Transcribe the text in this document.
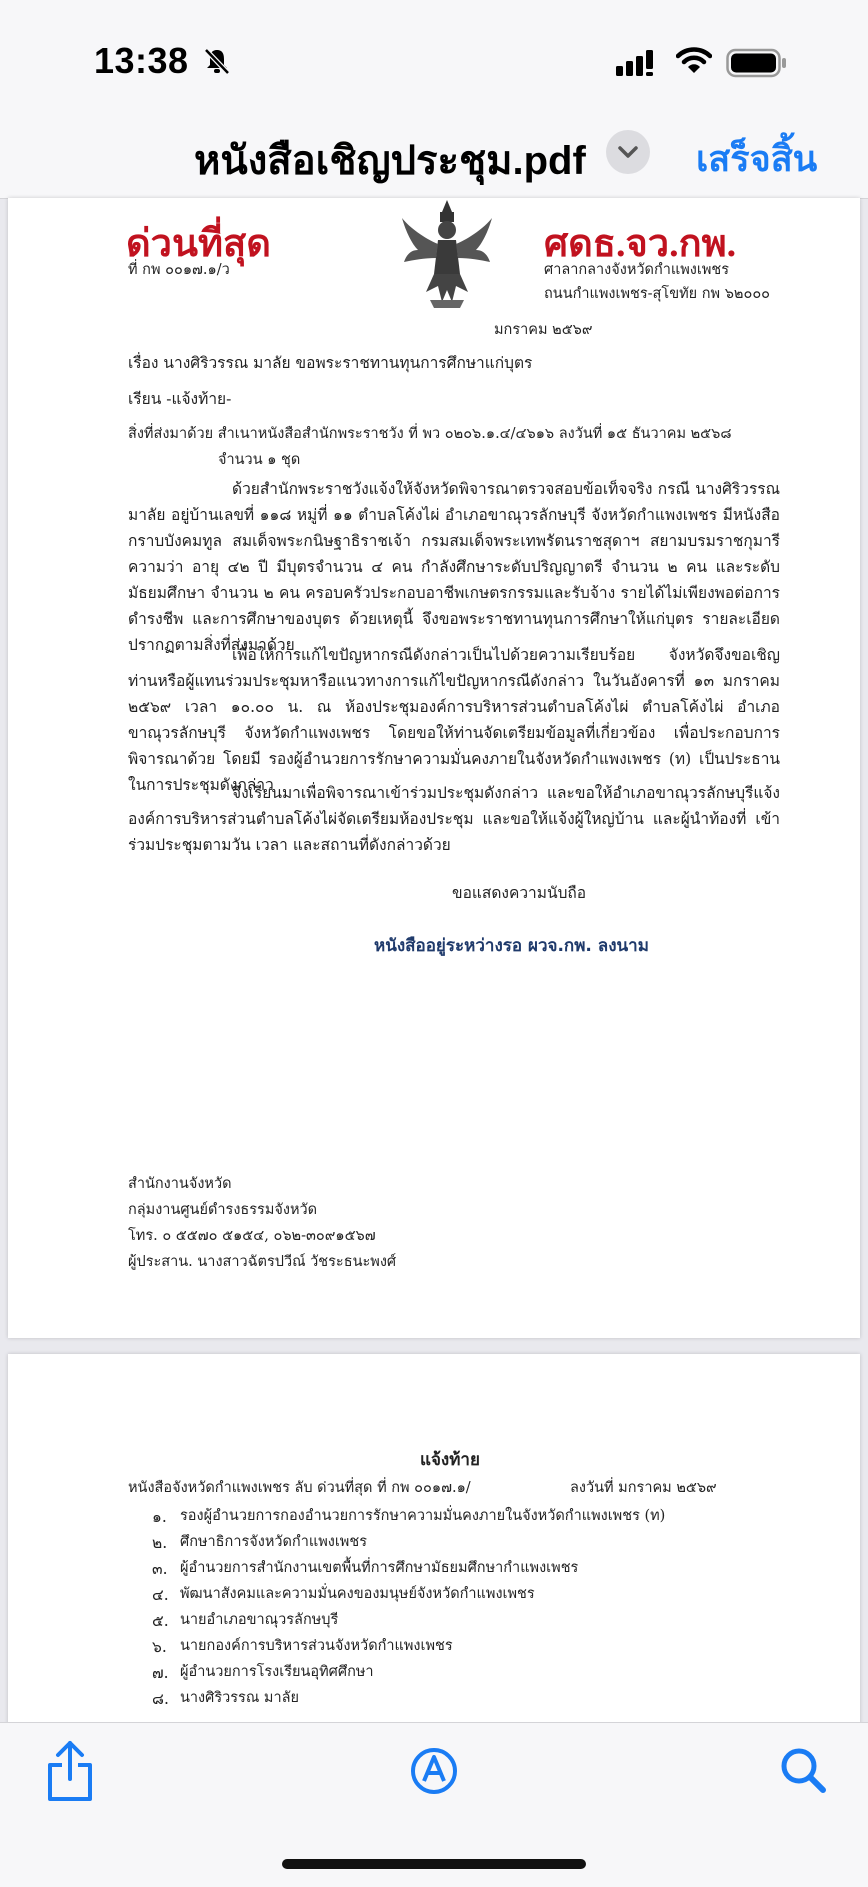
13:38
หนังสือเชิญประชุม.pdf	เสร็จสิ้น
ด่วนที่สุด
ที่ กพ ๐๐๑๗.๑/ว
ศดธ.จว.กพ.
ศาลากลางจังหวัดกำแพงเพชร
ถนนกำแพงเพชร-สุโขทัย กพ ๖๒๐๐๐
มกราคม ๒๕๖๙
เรื่อง นางศิริวรรณ มาลัย ขอพระราชทานทุนการศึกษาแก่บุตร
เรียน -แจ้งท้าย-
สิ่งที่ส่งมาด้วย สำเนาหนังสือสำนักพระราชวัง ที่ พว ๐๒๐๖.๑.๔/๔๖๑๖ ลงวันที่ ๑๕ ธันวาคม ๒๕๖๘
จำนวน ๑ ชุด
ด้วยสำนักพระราชวังแจ้งให้จังหวัดพิจารณาตรวจสอบข้อเท็จจริง กรณี นางศิริวรรณ มาลัย อยู่บ้านเลขที่ ๑๑๘ หมู่ที่ ๑๑ ตำบลโค้งไผ่ อำเภอขาณุวรลักษบุรี จังหวัดกำแพงเพชร มีหนังสือกราบบังคมทูล สมเด็จพระกนิษฐาธิราชเจ้า กรมสมเด็จพระเทพรัตนราชสุดาฯ สยามบรมราชกุมารี ความว่า อายุ ๔๒ ปี มีบุตรจำนวน ๔ คน กำลังศึกษาระดับปริญญาตรี จำนวน ๒ คน และระดับมัธยมศึกษา จำนวน ๒ คน ครอบครัวประกอบอาชีพเกษตรกรรมและรับจ้าง รายได้ไม่เพียงพอต่อการดำรงชีพ และการศึกษาของบุตร ด้วยเหตุนี้ จึงขอพระราชทานทุนการศึกษาให้แก่บุตร รายละเอียดปรากฏตามสิ่งที่ส่งมาด้วย
เพื่อให้การแก้ไขปัญหากรณีดังกล่าวเป็นไปด้วยความเรียบร้อย จังหวัดจึงขอเชิญท่านหรือผู้แทนร่วมประชุมหารือแนวทางการแก้ไขปัญหากรณีดังกล่าว ในวันอังคารที่ ๑๓ มกราคม ๒๕๖๙ เวลา ๑๐.๐๐ น. ณ ห้องประชุมองค์การบริหารส่วนตำบลโค้งไผ่ ตำบลโค้งไผ่ อำเภอขาณุวรลักษบุรี จังหวัดกำแพงเพชร โดยขอให้ท่านจัดเตรียมข้อมูลที่เกี่ยวข้อง เพื่อประกอบการพิจารณาด้วย โดยมี รองผู้อำนวยการรักษาความมั่นคงภายในจังหวัดกำแพงเพชร (ท) เป็นประธานในการประชุมดังกล่าว
จึงเรียนมาเพื่อพิจารณาเข้าร่วมประชุมดังกล่าว และขอให้อำเภอขาณุวรลักษบุรีแจ้งองค์การบริหารส่วนตำบลโค้งไผ่จัดเตรียมห้องประชุม และขอให้แจ้งผู้ใหญ่บ้าน และผู้นำท้องที่ เข้าร่วมประชุมตามวัน เวลา และสถานที่ดังกล่าวด้วย
ขอแสดงความนับถือ
หนังสืออยู่ระหว่างรอ ผวจ.กพ. ลงนาม
สำนักงานจังหวัด
กลุ่มงานศูนย์ดำรงธรรมจังหวัด
โทร. ๐ ๕๕๗๐ ๕๑๕๔, ๐๖๒-๓๐๙๑๕๖๗
ผู้ประสาน. นางสาวฉัตรปวีณ์ วัชระธนะพงศ์
แจ้งท้าย
หนังสือจังหวัดกำแพงเพชร ลับ ด่วนที่สุด ที่ กพ ๐๐๑๗.๑/	ลงวันที่ มกราคม ๒๕๖๙
๑. รองผู้อำนวยการกองอำนวยการรักษาความมั่นคงภายในจังหวัดกำแพงเพชร (ท)
๒. ศึกษาธิการจังหวัดกำแพงเพชร
๓. ผู้อำนวยการสำนักงานเขตพื้นที่การศึกษามัธยมศึกษากำแพงเพชร
๔. พัฒนาสังคมและความมั่นคงของมนุษย์จังหวัดกำแพงเพชร
๕. นายอำเภอขาณุวรลักษบุรี
๖. นายกองค์การบริหารส่วนจังหวัดกำแพงเพชร
๗. ผู้อำนวยการโรงเรียนอุทิศศึกษา
๘. นางศิริวรรณ มาลัย
